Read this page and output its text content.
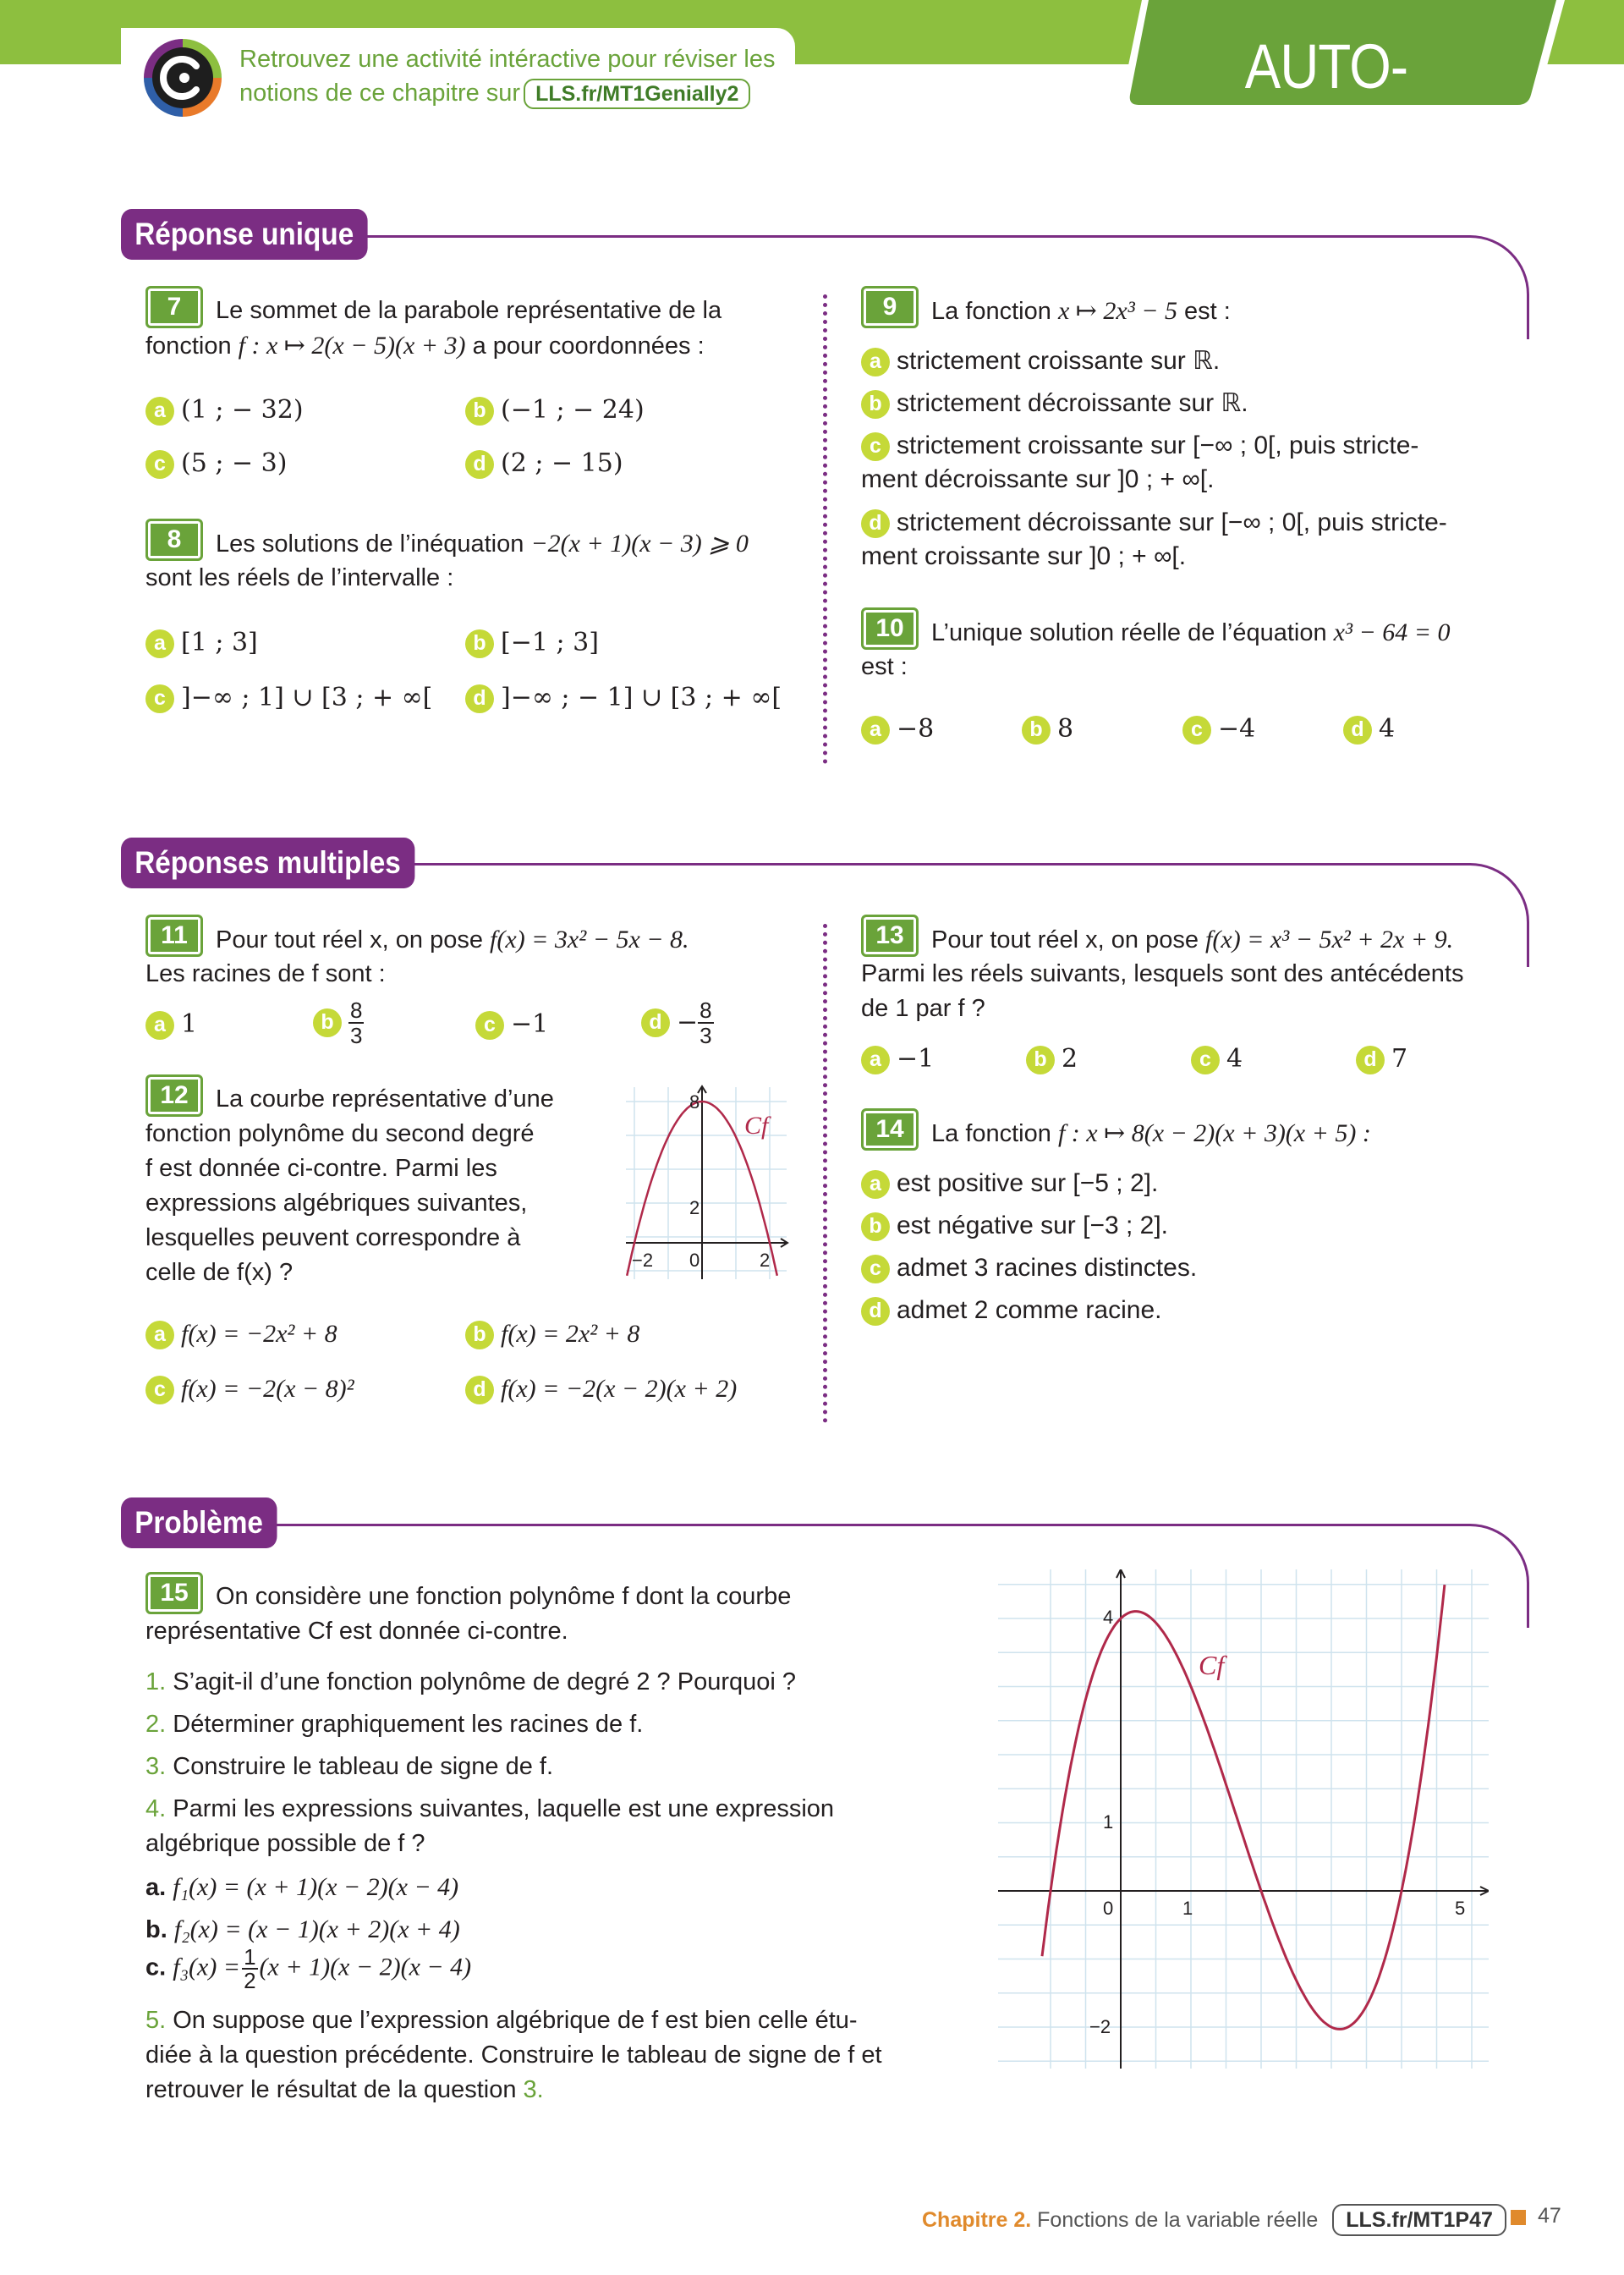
Retrouvez une activité intéractive pour réviser les
notions de ce chapitre sur LLS.fr/MT1Genially2	AUTO-ÉVALUATION
Réponse unique
7	Le sommet de la parabole représentative de la
fonction f : x ↦ 2(x − 5)(x + 3) a pour coordonnées :
a (1 ; − 32)	b (−1 ; − 24)
c (5 ; − 3)	d (2 ; − 15)
8	Les solutions de l’inéquation −2(x + 1)(x − 3) ⩾ 0
sont les réels de l’intervalle :
a [1 ; 3]	b [−1 ; 3]
c ]−∞ ; 1] ∪ [3 ; + ∞[	d ]−∞ ; − 1] ∪ [3 ; + ∞[
9	La fonction x ↦ 2x³ − 5 est :
a strictement croissante sur ℝ.
b strictement décroissante sur ℝ.
c strictement croissante sur [−∞ ; 0[, puis stricte-
ment décroissante sur ]0 ; + ∞[.
d strictement décroissante sur [−∞ ; 0[, puis stricte-
ment croissante sur ]0 ; + ∞[.
10	L’unique solution réelle de l’équation x³ − 64 = 0
est :
a −8	b 8	c −4	d 4
Réponses multiples
11	Pour tout réel x, on pose f(x) = 3x² − 5x − 8.
Les racines de f sont :
a 1	b $\frac{8}{3}$	c −1	$d - \frac{8}{3}$
12	La courbe représentative d’une
fonction polynôme du second degré
f est donnée ci-contre. Parmi les
expressions algébriques suivantes,
lesquelles peuvent correspondre à
celle de f(x) ?
8
2
−2 0	2
Cf
a f(x) = −2x² + 8	b f(x) = 2x² + 8
c f(x) = −2(x − 8)²	d f(x) = −2(x − 2)(x + 2)
13	Pour tout réel x, on pose f(x) = x³ − 5x² + 2x + 9.
Parmi les réels suivants, lesquels sont des antécédents
de 1 par f ?
a −1	b 2	c 4	d 7
14	La fonction f : x ↦ 8(x − 2)(x + 3)(x + 5) :
a est positive sur [−5 ; 2].
b est négative sur [−3 ; 2].
c admet 3 racines distinctes.
d admet 2 comme racine.
Problème
15	On considère une fonction polynôme f dont la courbe
représentative Cf est donnée ci-contre.
1. S’agit-il d’une fonction polynôme de degré 2 ? Pourquoi ?
2. Déterminer graphiquement les racines de f.
3. Construire le tableau de signe de f.
4. Parmi les expressions suivantes, laquelle est une expression
algébrique possible de f ?
a. f₁(x) = (x + 1)(x − 2)(x − 4)
b. f₂(x) = (x − 1)(x + 2)(x + 4)
c. $f_3(x) = \frac{1}{2} (x + 1)(x - 2)(x - 4)$
5. On suppose que l’expression algébrique de f est bien celle étu-
diée à la question précédente. Construire le tableau de signe de f et
retrouver le résultat de la question 3.
4
1
−2
0	1	5
Cf
Chapitre 2. Fonctions de la variable réelle LLS.fr/MT1P47	47
